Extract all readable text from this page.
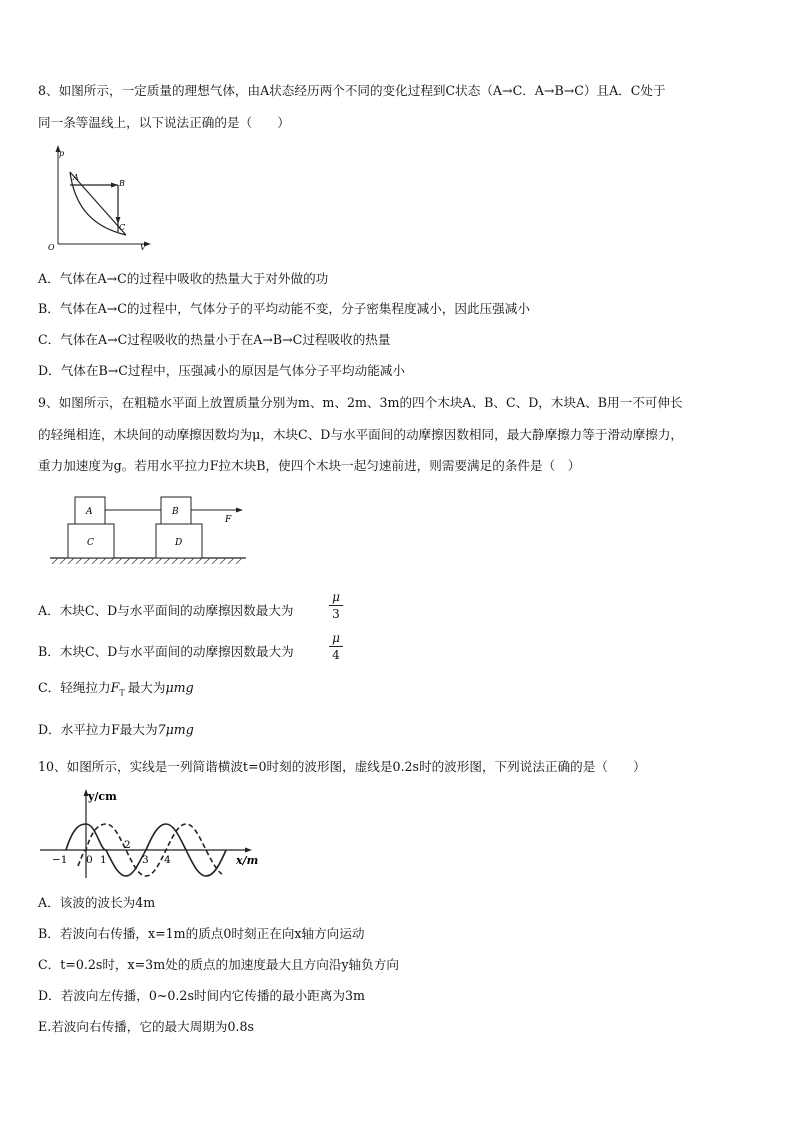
8、如图所示，一定质量的理想气体，由A状态经历两个不同的变化过程到C状态（A→C．A→B→C）且A．C处于
同一条等温线上，以下说法正确的是（　　）
p
V
O
A
B
C
A．气体在A→C的过程中吸收的热量大于对外做的功
B．气体在A→C的过程中，气体分子的平均动能不变，分子密集程度减小，因此压强减小
C．气体在A→C过程吸收的热量小于在A→B→C过程吸收的热量
D．气体在B→C过程中，压强减小的原因是气体分子平均动能减小
9、如图所示，在粗糙水平面上放置质量分别为m、m、2m、3m的四个木块A、B、C、D，木块A、B用一不可伸长
的轻绳相连，木块间的动摩擦因数均为μ，木块C、D与水平面间的动摩擦因数相同，最大静摩擦力等于滑动摩擦力，
重力加速度为g。若用水平拉力F拉木块B，使四个木块一起匀速前进，则需要满足的条件是（　）
A	B
C	D
F
A．木块C、D与水平面间的动摩擦因数最大为
μ
3
B．木块C、D与水平面间的动摩擦因数最大为
μ
4
C．轻绳拉力$F_T$ 最大为μmg
D．水平拉力F最大为7μmg
10、如图所示，实线是一列简谐横波t=0时刻的波形图，虚线是0.2s时的波形图，下列说法正确的是（　　）
y/cm
x/m
−1 0 1
2
3 4
A．该波的波长为4m
B．若波向右传播，x=1m的质点0时刻正在向x轴方向运动
C．t=0.2s时，x=3m处的质点的加速度最大且方向沿y轴负方向
D．若波向左传播，0~0.2s时间内它传播的最小距离为3m
E.若波向右传播，它的最大周期为0.8s
